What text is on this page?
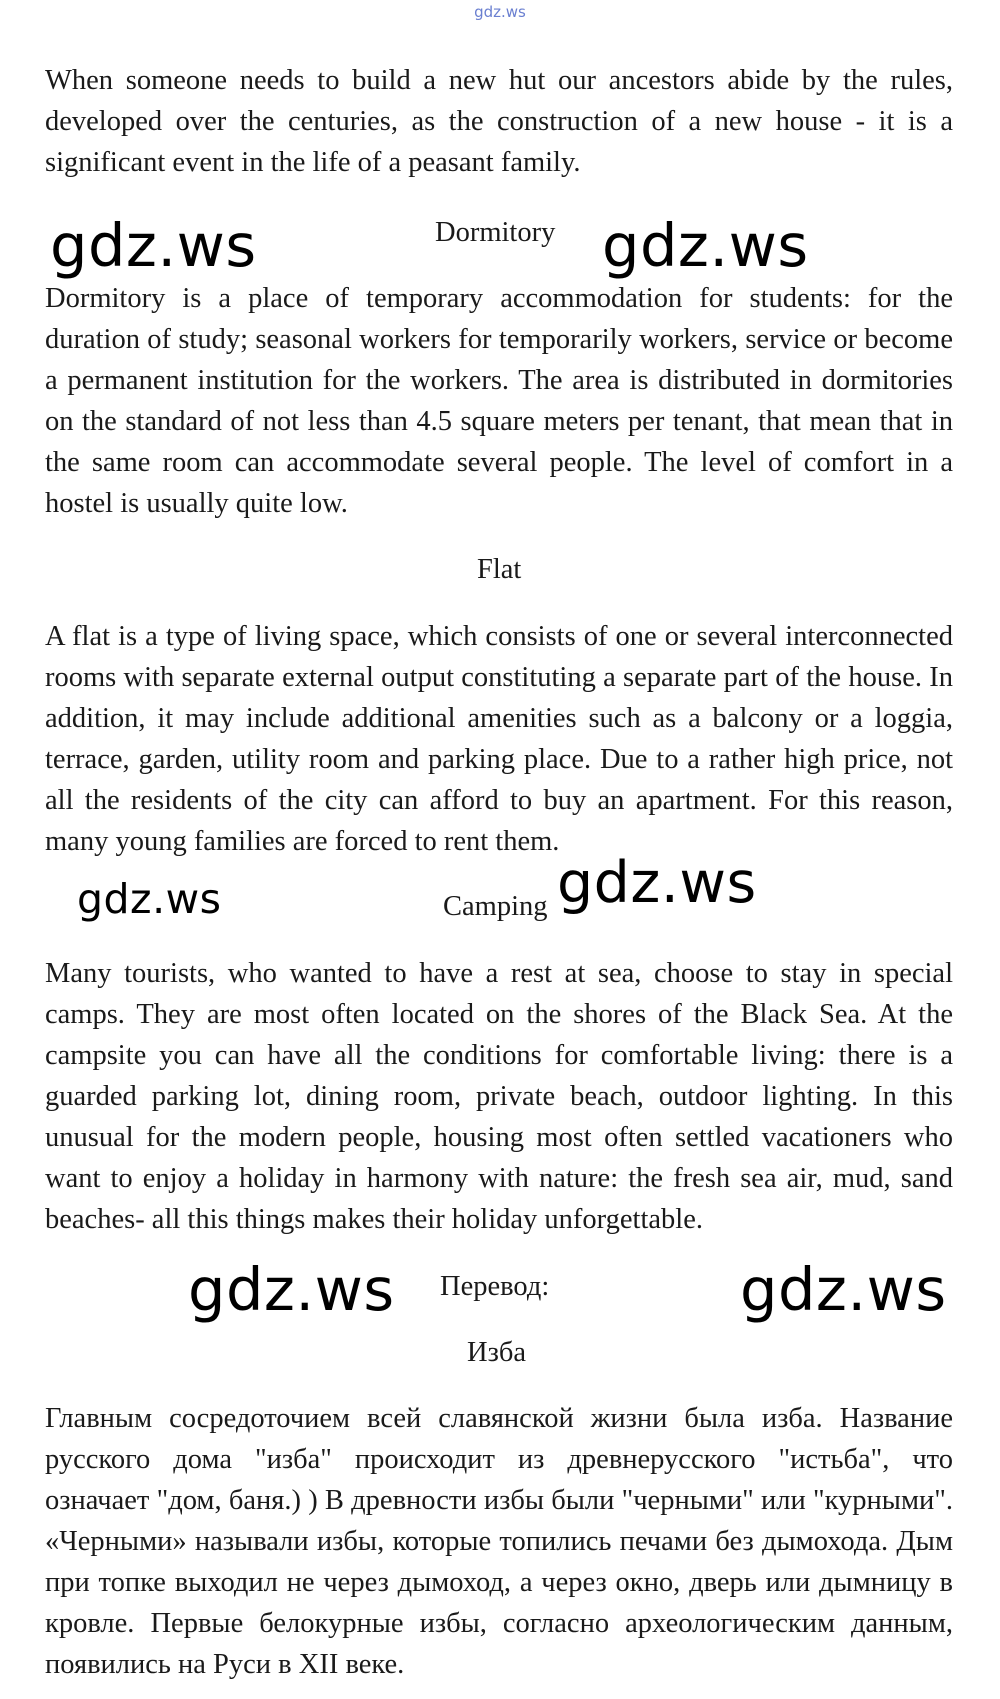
gdz.ws

When someone needs to build a new hut our ancestors abide by the rules, developed over the centuries, as the construction of a new house - it is a significant event in the life of a peasant family.

gdz.ws	Dormitory gdz.ws

Dormitory is a place of temporary accommodation for students: for the duration of study; seasonal workers for temporarily workers, service or become a permanent institution for the workers. The area is distributed in dormitories on the standard of not less than 4.5 square meters per tenant, that mean that in the same room can accommodate several people. The level of comfort in a hostel is usually quite low.

Flat

A flat is a type of living space, which consists of one or several interconnected rooms with separate external output constituting a separate part of the house. In addition, it may include additional amenities such as a balcony or a loggia, terrace, garden, utility room and parking place. Due to a rather high price, not all the residents of the city can afford to buy an apartment. For this reason, many young families are forced to rent them.

gdz.ws	Camping gdz.ws

Many tourists, who wanted to have a rest at sea, choose to stay in special camps. They are most often located on the shores of the Black Sea. At the campsite you can have all the conditions for comfortable living: there is a guarded parking lot, dining room, private beach, outdoor lighting. In this unusual for the modern people, housing most often settled vacationers who want to enjoy a holiday in harmony with nature: the fresh sea air, mud, sand beaches- all this things makes their holiday unforgettable.

gdz.ws Перевод:	gdz.ws
Изба

Главным сосредоточием всей славянской жизни была изба. Название русского дома "изба" происходит из древнерусского "истьба", что означает "дом, баня.) ) В древности избы были "черными" или "курными". «Черными» называли избы, которые топились печами без дымохода. Дым при топке выходил не через дымоход, а через окно, дверь или дымницу в кровле. Первые белокурные избы, согласно археологическим данным, появились на Руси в XII веке.
